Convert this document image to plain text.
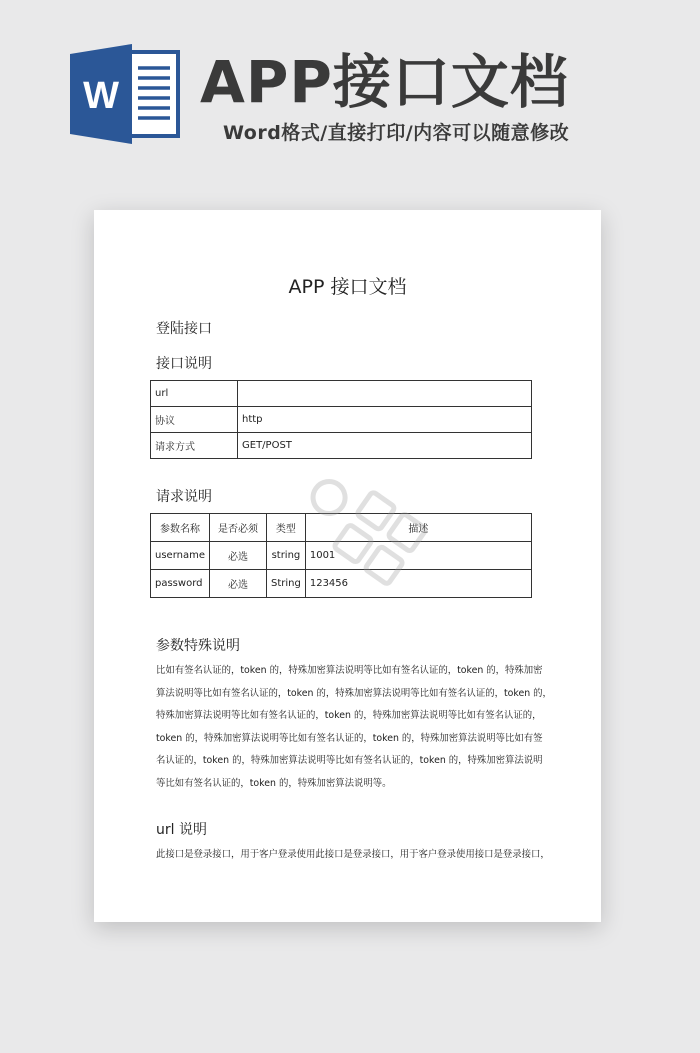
W APP接口文档
Word格式/直接打印/内容可以随意修改
APP 接口文档
登陆接口
接口说明
url	
协议	http
请求方式	GET/POST
请求说明
参数名称	是否必须	类型	描述
username	必选	string	1001
password	必选	String	123456
参数特殊说明
比如有签名认证的，token 的，特殊加密算法说明等比如有签名认证的，token 的，特殊加密
算法说明等比如有签名认证的，token 的，特殊加密算法说明等比如有签名认证的，token 的，
特殊加密算法说明等比如有签名认证的，token 的，特殊加密算法说明等比如有签名认证的，
token 的，特殊加密算法说明等比如有签名认证的，token 的，特殊加密算法说明等比如有签
名认证的，token 的，特殊加密算法说明等比如有签名认证的，token 的，特殊加密算法说明
等比如有签名认证的，token 的，特殊加密算法说明等。
url 说明
此接口是登录接口，用于客户登录使用此接口是登录接口，用于客户登录使用接口是登录接口，
